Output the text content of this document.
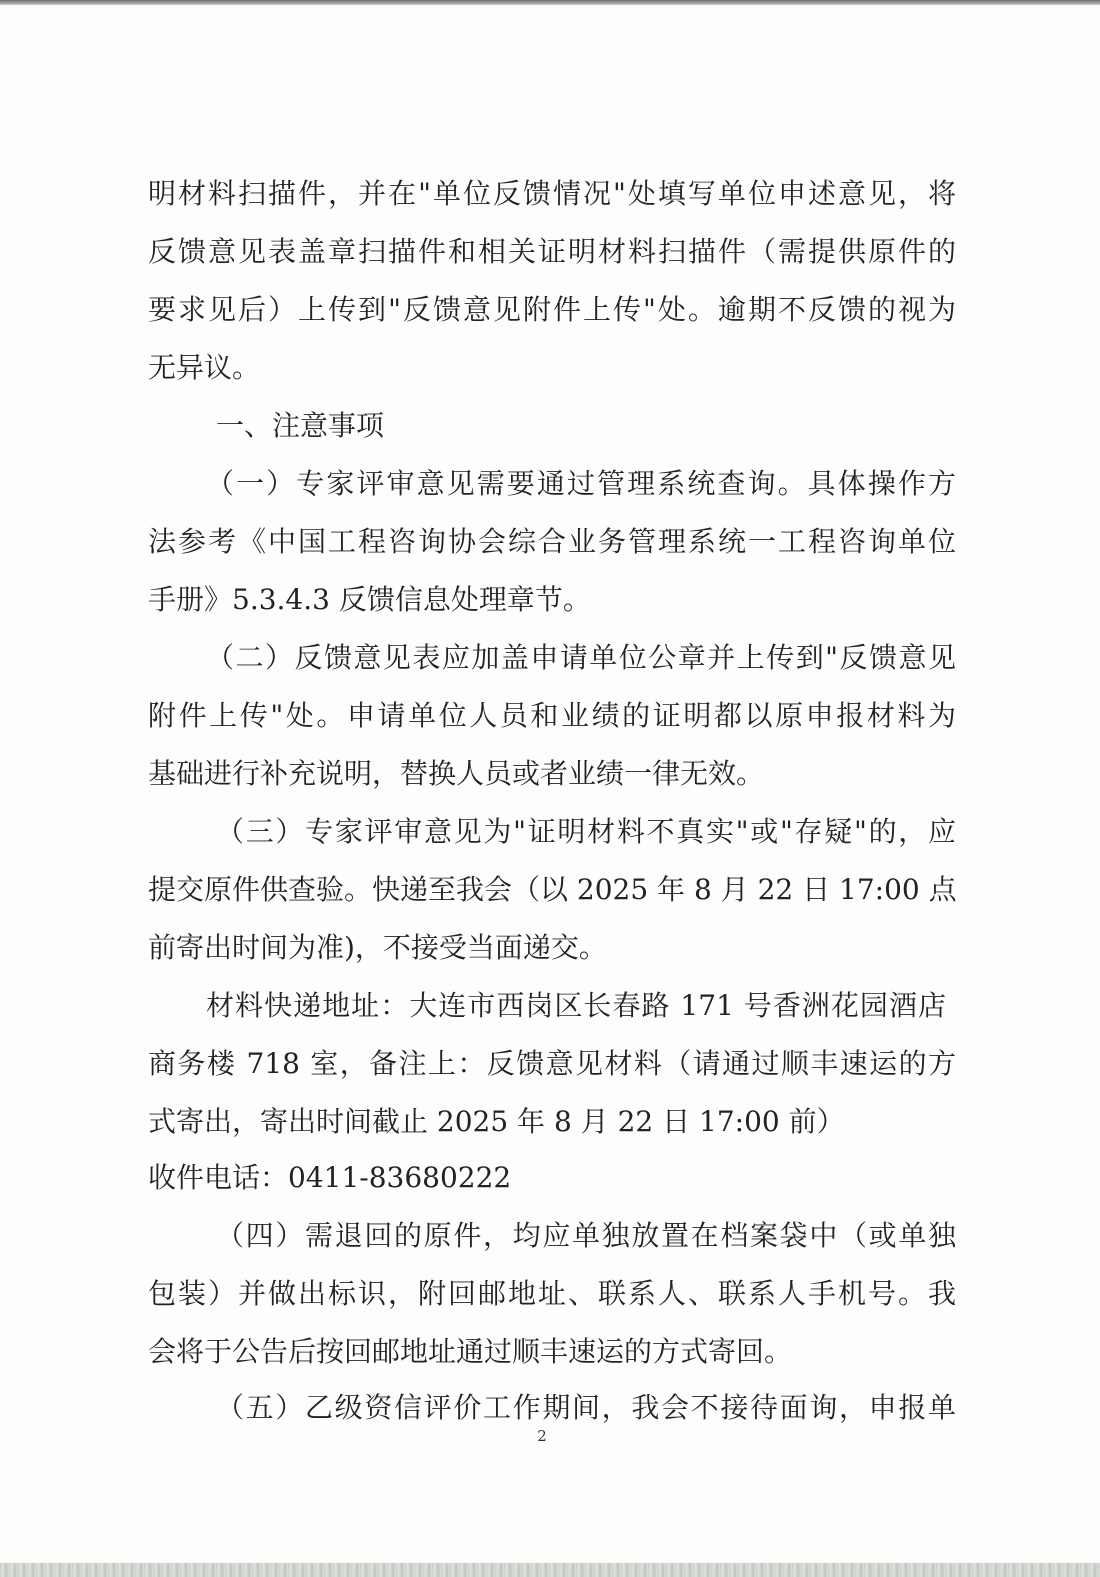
明材料扫描件，并在"单位反馈情况"处填写单位申述意见，将
反馈意见表盖章扫描件和相关证明材料扫描件（需提供原件的
要求见后）上传到"反馈意见附件上传"处。逾期不反馈的视为
无异议。
一、注意事项
（一）专家评审意见需要通过管理系统查询。具体操作方
法参考《中国工程咨询协会综合业务管理系统一工程咨询单位
手册》5.3.4.3 反馈信息处理章节。
（二）反馈意见表应加盖申请单位公章并上传到"反馈意见
附件上传"处。申请单位人员和业绩的证明都以原申报材料为
基础进行补充说明，替换人员或者业绩一律无效。
（三）专家评审意见为"证明材料不真实"或"存疑"的，应
提交原件供查验。快递至我会（以 2025 年 8 月 22 日 17:00 点
前寄出时间为准)，不接受当面递交。
材料快递地址：大连市西岗区长春路 171 号香洲花园酒店
商务楼 718 室，备注上：反馈意见材料（请通过顺丰速运的方
式寄出，寄出时间截止 2025 年 8 月 22 日 17:00 前）
收件电话：0411-83680222
（四）需退回的原件，均应单独放置在档案袋中（或单独
包装）并做出标识，附回邮地址、联系人、联系人手机号。我
会将于公告后按回邮地址通过顺丰速运的方式寄回。
（五）乙级资信评价工作期间，我会不接待面询，申报单
2
